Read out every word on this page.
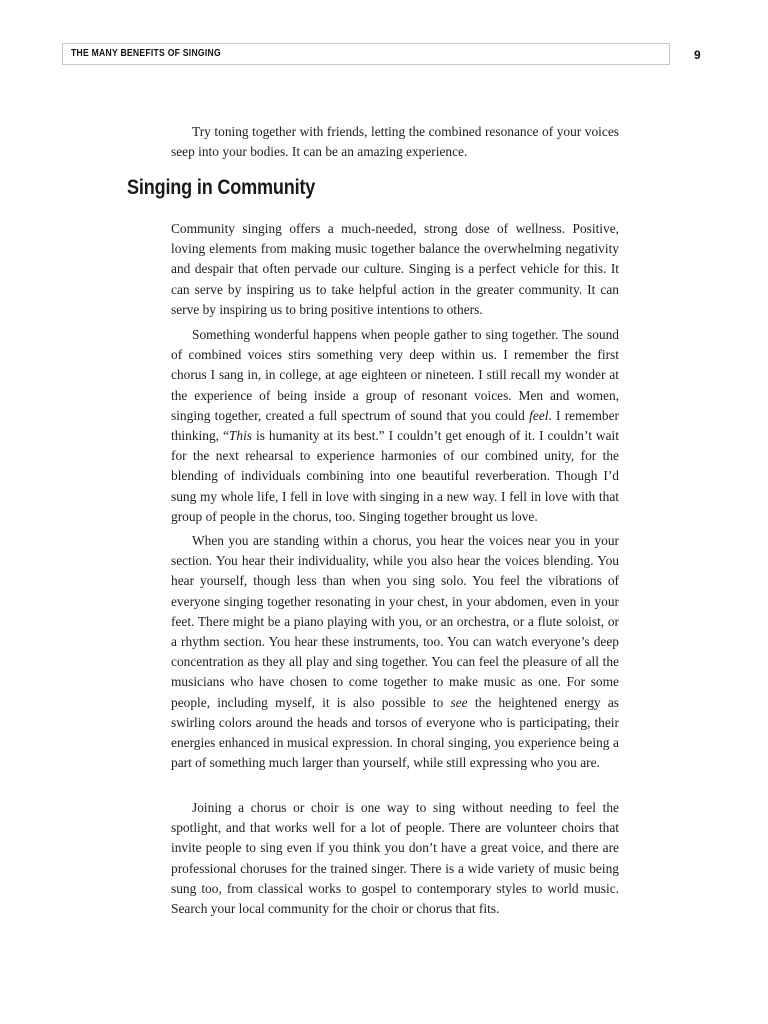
THE MANY BENEFITS OF SINGING	9

Try toning together with friends, letting the combined resonance of your voices seep into your bodies. It can be an amazing experience.

Singing in Community

Community singing offers a much-needed, strong dose of wellness. Positive, loving elements from making music together balance the overwhelming negativity and despair that often pervade our culture. Singing is a perfect vehicle for this. It can serve by inspiring us to take helpful action in the greater community. It can serve by inspiring us to bring positive intentions to others.

Something wonderful happens when people gather to sing together. The sound of combined voices stirs something very deep within us. I remember the first chorus I sang in, in college, at age eighteen or nineteen. I still recall my wonder at the experience of being inside a group of resonant voices. Men and women, singing together, created a full spectrum of sound that you could feel. I remember thinking, “This is humanity at its best.” I couldn’t get enough of it. I couldn’t wait for the next rehearsal to experience harmonies of our combined unity, for the blending of individuals combining into one beautiful reverberation. Though I’d sung my whole life, I fell in love with singing in a new way. I fell in love with that group of people in the chorus, too. Singing together brought us love.

When you are standing within a chorus, you hear the voices near you in your section. You hear their individuality, while you also hear the voices blending. You hear yourself, though less than when you sing solo. You feel the vibrations of everyone singing together resonating in your chest, in your abdomen, even in your feet. There might be a piano playing with you, or an orchestra, or a flute soloist, or a rhythm section. You hear these instruments, too. You can watch everyone’s deep concentration as they all play and sing together. You can feel the pleasure of all the musicians who have chosen to come together to make music as one. For some people, including myself, it is also possible to see the heightened energy as swirling colors around the heads and torsos of everyone who is participating, their energies enhanced in musical expression. In choral singing, you experience being a part of something much larger than yourself, while still expressing who you are.

Joining a chorus or choir is one way to sing without needing to feel the spotlight, and that works well for a lot of people. There are volunteer choirs that invite people to sing even if you think you don’t have a great voice, and there are professional choruses for the trained singer. There is a wide variety of music being sung too, from classical works to gospel to contemporary styles to world music. Search your local community for the choir or chorus that fits.
